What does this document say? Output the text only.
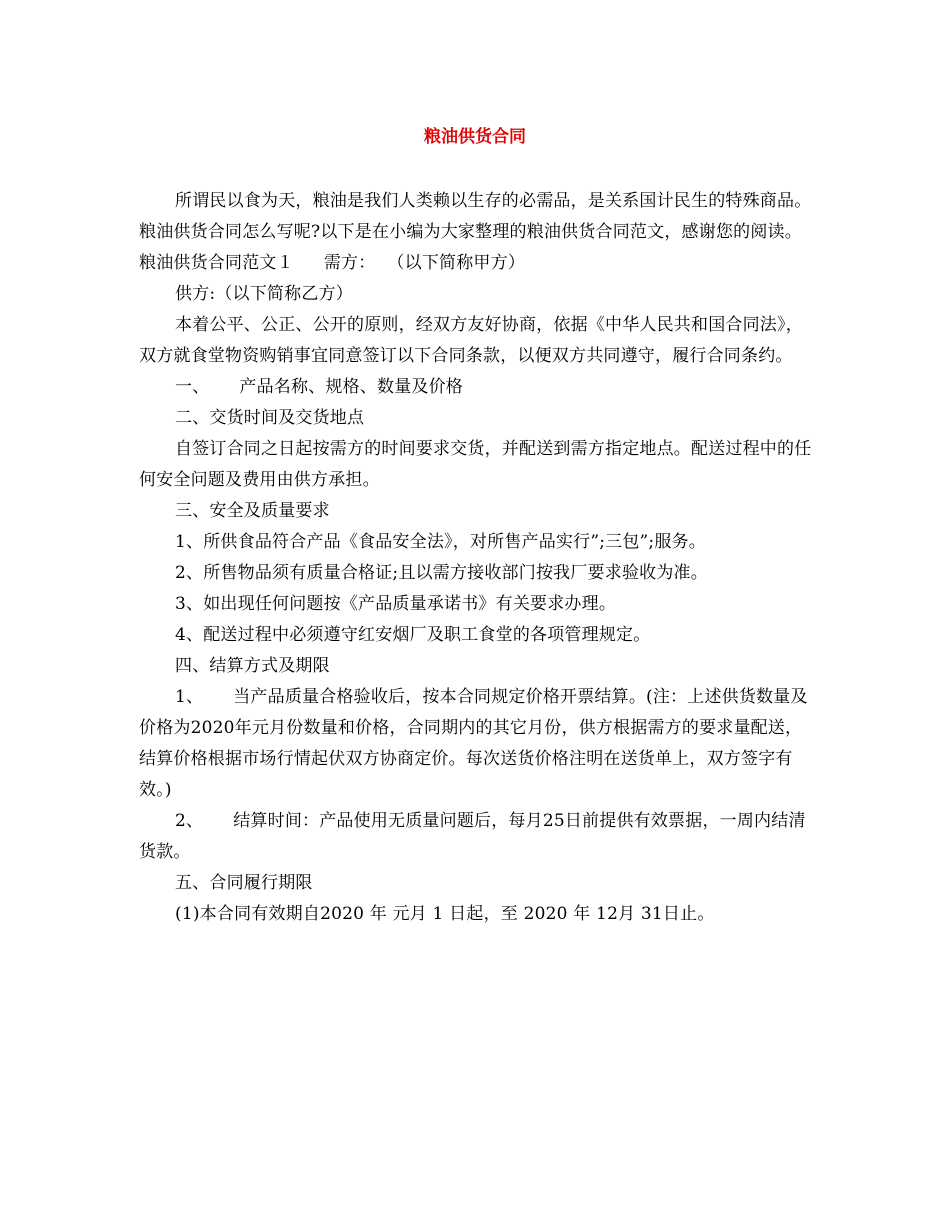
粮油供货合同

所谓民以食为天，粮油是我们人类赖以生存的必需品，是关系国计民生的特殊商品。粮油供货合同怎么写呢?以下是在小编为大家整理的粮油供货合同范文，感谢您的阅读。

粮油供货合同范文１ 需方： （以下简称甲方）

供方:（以下简称乙方）

本着公平、公正、公开的原则，经双方友好协商，依据《中华人民共和国合同法》，双方就食堂物资购销事宜同意签订以下合同条款，以便双方共同遵守，履行合同条约。

一、 产品名称、规格、数量及价格

二、交货时间及交货地点

自签订合同之日起按需方的时间要求交货，并配送到需方指定地点。配送过程中的任何安全问题及费用由供方承担。

三、安全及质量要求

1、所供食品符合产品《食品安全法》，对所售产品实行”;三包”;服务。

2、所售物品须有质量合格证;且以需方接收部门按我厂要求验收为准。

3、如出现任何问题按《产品质量承诺书》有关要求办理。

4、配送过程中必须遵守红安烟厂及职工食堂的各项管理规定。

四、结算方式及期限

1、 当产品质量合格验收后，按本合同规定价格开票结算。(注：上述供货数量及价格为2020年元月份数量和价格，合同期内的其它月份，供方根据需方的要求量配送，结算价格根据市场行情起伏双方协商定价。每次送货价格注明在送货单上，双方签字有效。)

2、 结算时间：产品使用无质量问题后，每月25日前提供有效票据，一周内结清货款。

五、合同履行期限

(1)本合同有效期自2020 年 元月 1 日起，至 2020 年 12月 31日止。
